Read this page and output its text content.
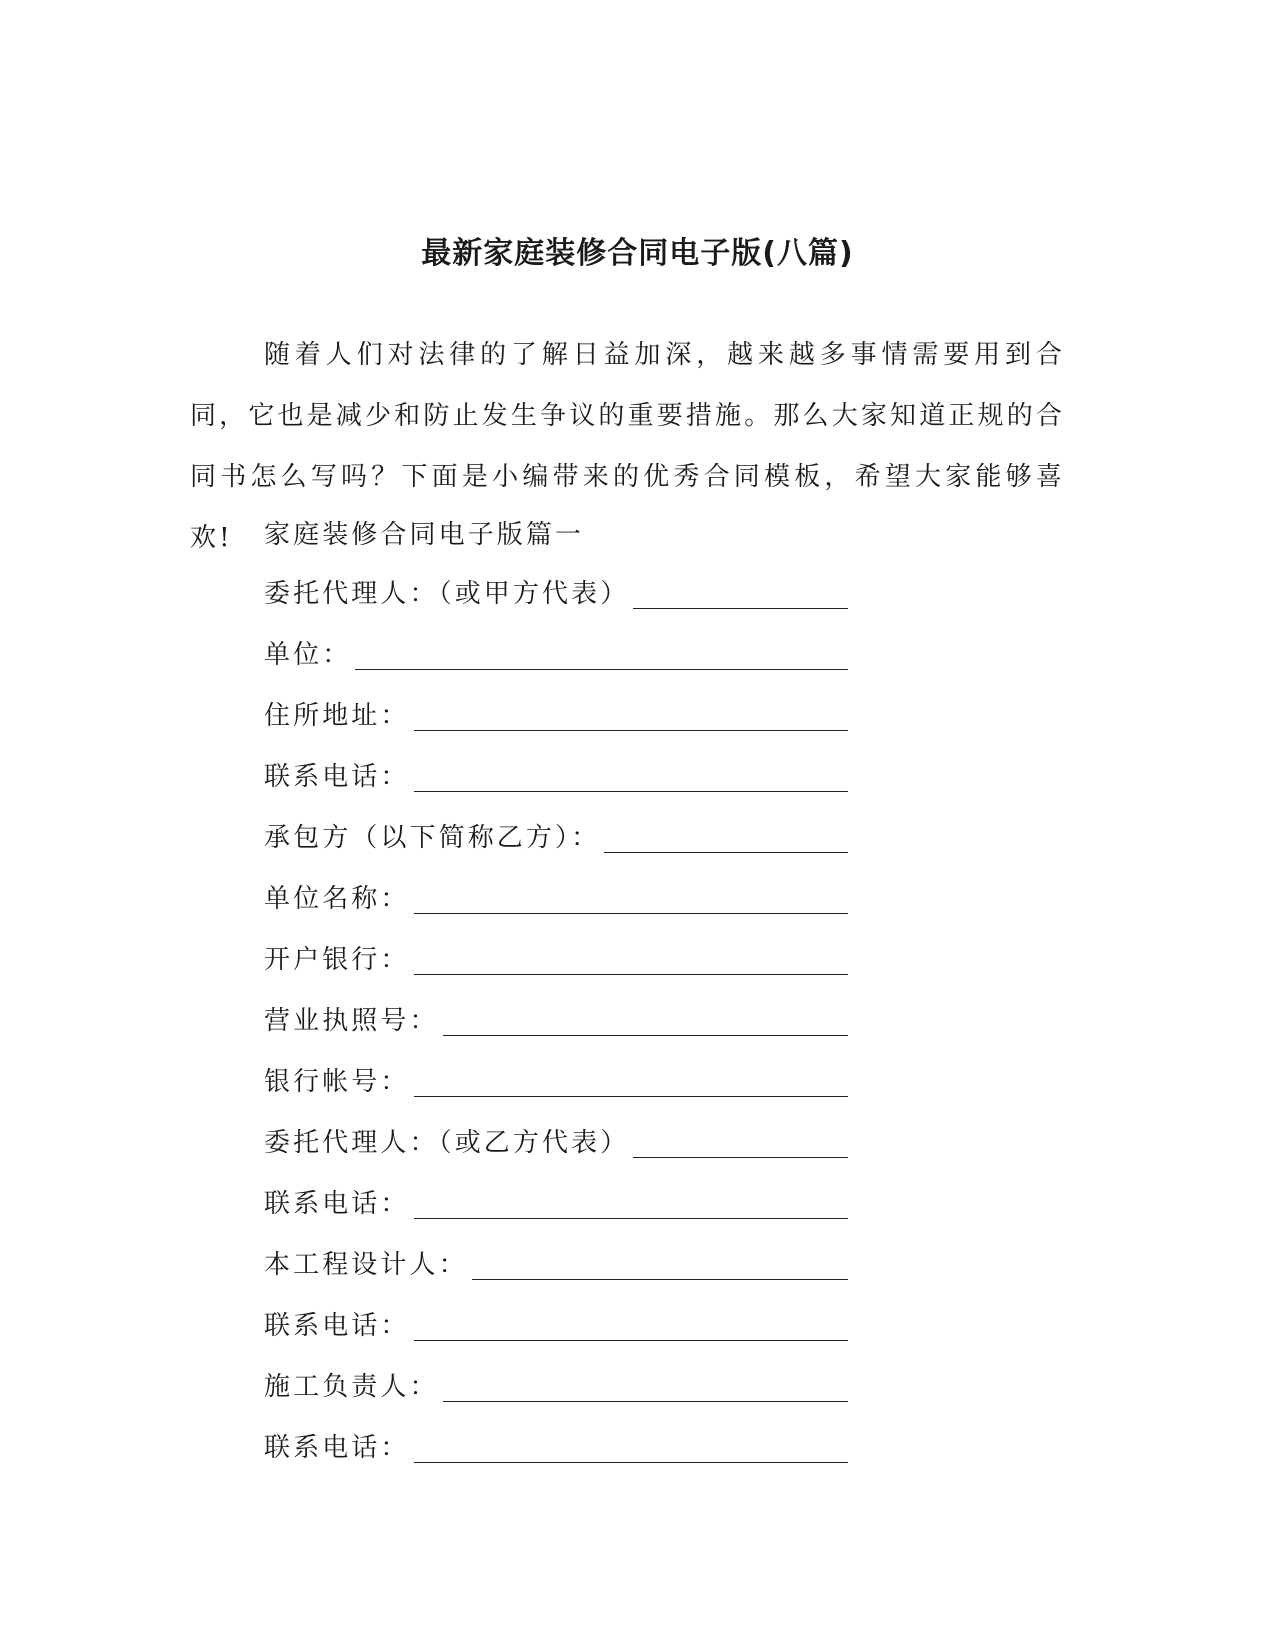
最新家庭装修合同电子版(八篇)

随着人们对法律的了解日益加深，越来越多事情需要用到合同，它也是减少和防止发生争议的重要措施。那么大家知道正规的合同书怎么写吗？下面是小编带来的优秀合同模板，希望大家能够喜欢!	家庭装修合同电子版篇一

委托代理人：（或甲方代表）
单位：
住所地址：
联系电话：
承包方（以下简称乙方）：
单位名称：
开户银行：
营业执照号：
银行帐号：
委托代理人：（或乙方代表）
联系电话：
本工程设计人：
联系电话：
施工负责人：
联系电话：
